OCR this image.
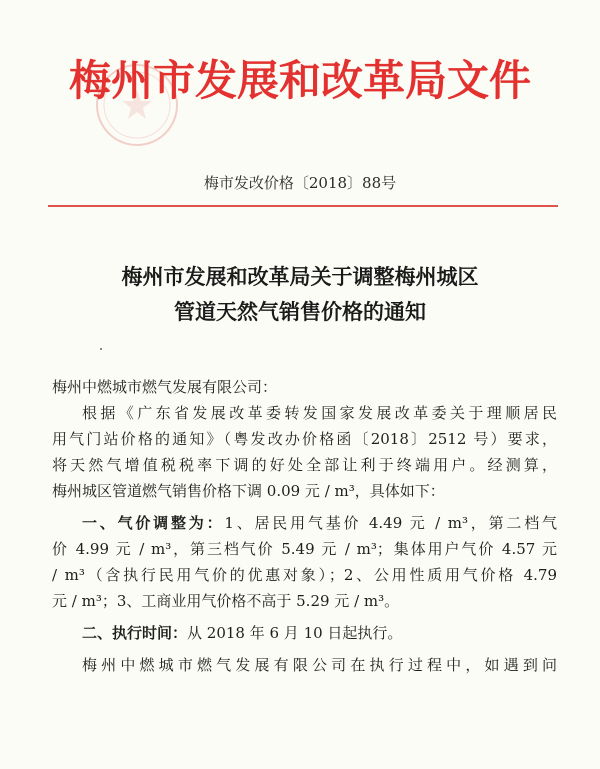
梅州市发展和改革局文件
梅市发改价格〔2018〕88号
梅州市发展和改革局关于调整梅州城区
管道天然气销售价格的通知
梅州中燃城市燃气发展有限公司：
根据《广东省发展改革委转发国家发展改革委关于理顺居民
用气门站价格的通知》（粤发改办价格函〔2018〕2512 号）要求，
将天然气增值税税率下调的好处全部让利于终端用户。经测算，
梅州城区管道燃气销售价格下调 0.09 元 / m³，具体如下：
一、气价调整为：1、居民用气基价 4.49 元 / m³，第二档气
价 4.99 元 / m³，第三档气价 5.49 元 / m³；集体用户气价 4.57 元
/ m³（含执行民用气价的优惠对象）；2、公用性质用气价格 4.79
元 / m³；3、工商业用气价格不高于 5.29 元 / m³。
二、执行时间：从 2018 年 6 月 10 日起执行。
梅州中燃城市燃气发展有限公司在执行过程中，如遇到问
